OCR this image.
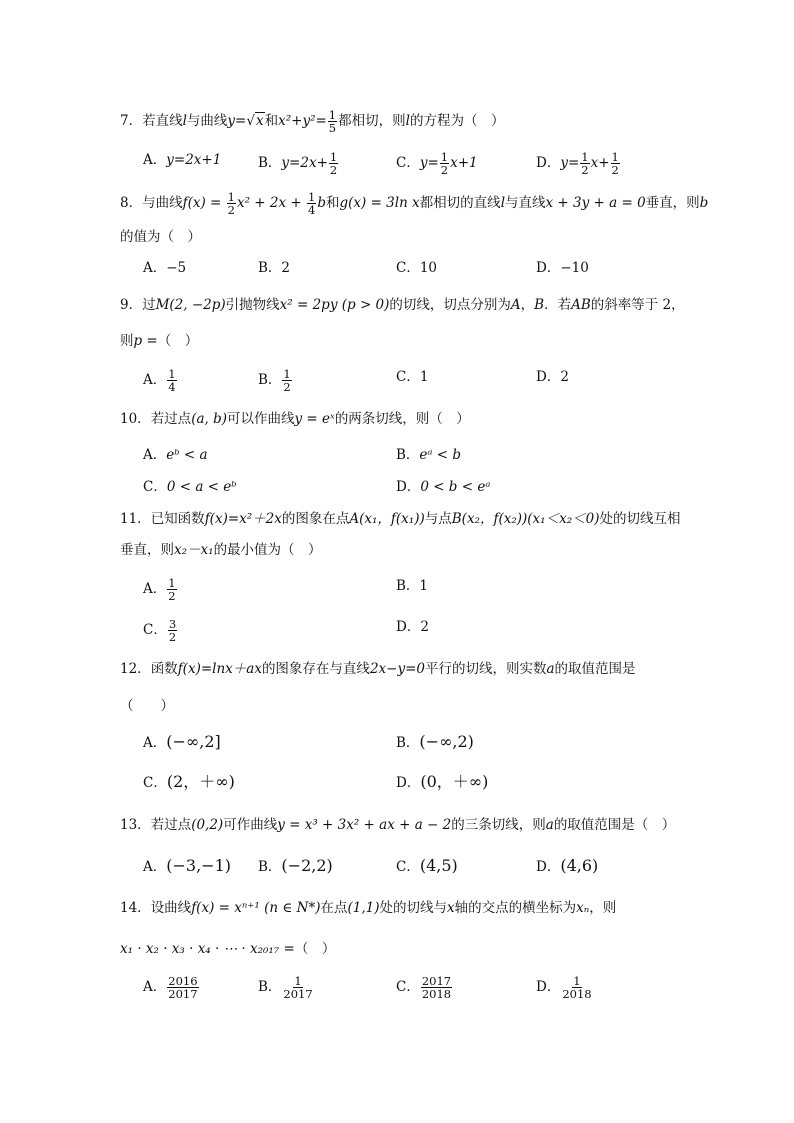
7．若直线l与曲线y=√x和$x^2+y^2= \frac{1}{5}$ 都相切，则l的方程为（　）
A．y=2x+1	B．$y=2x+ \frac{1}{2}$	C．$y= \frac{1}{2} x+1$	D．$y= \frac{1}{2} x+ \frac{1}{2}$
8．与曲线$f(x) = \frac{1}{2} x^2 + 2x + \frac{1}{4}$ b和g(x) = 3ln x都相切的直线l与直线x + 3y + a = 0垂直，则b
的值为（　）
A．−5	B．2	C．10	D．−10
9．过M(2, −2p)引抛物线x² = 2py (p > 0)的切线，切点分别为A，B．若AB的斜率等于 2，
则p =（　）
A． $\frac{1}{4}$	B． $\frac{1}{2}$	C．1	D．2
10．若过点(a, b)可以作曲线y = eˣ的两条切线，则（　）
A．eᵇ < a	B．eᵃ < b
C．0 < a < eᵇ	D．0 < b < eᵃ
11．已知函数f(x)=x²＋2x的图象在点A(x₁，f(x₁))与点B(x₂，f(x₂))(x₁＜x₂＜0)处的切线互相
垂直，则x₂－x₁的最小值为（　）
A． $\frac{1}{2}$	B．1
C． $\frac{3}{2}$	D．2
12．函数f(x)=lnx＋ax的图象存在与直线2x−y=0平行的切线，则实数a的取值范围是
（　　）
A．(−∞,2]	B．(−∞,2)
C．(2，＋∞)	D．(0，＋∞)
13．若过点(0,2)可作曲线y = x³ + 3x² + ax + a − 2的三条切线，则a的取值范围是（　）
A．(−3,−1) B．(−2,2)	C．(4,5)	D．(4,6)
14．设曲线f(x) = xⁿ⁺¹ (n ∈ N*)在点(1,1)处的切线与x轴的交点的横坐标为xₙ，则
x₁ · x₂ · x₃ · x₄ · ⋯ · x₂₀₁₇ =（　）
A． $\frac{2016}{2017}$	B． $\frac{1}{2017}$	C． $\frac{2017}{2018}$	D． $\frac{1}{2018}$
